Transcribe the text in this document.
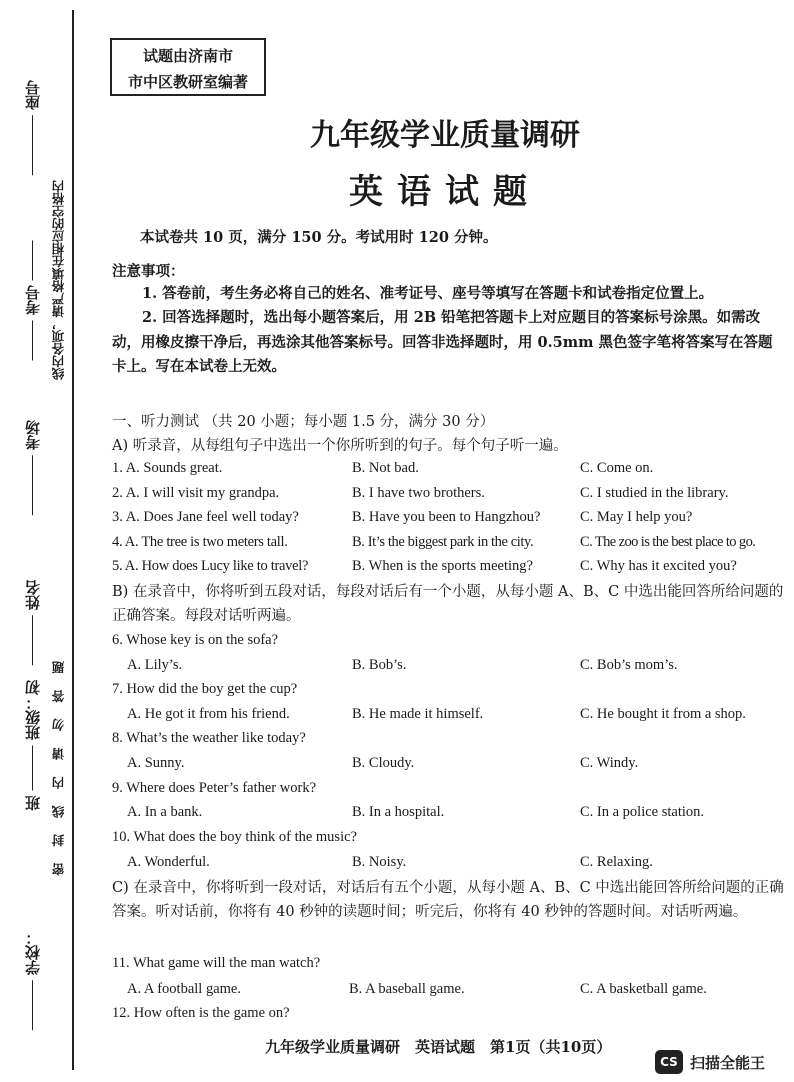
座号
考号
考场
姓名
班  班级：初
学校：
线内各项，请严格填在相应的空格内
密 封 线 内 请 勿 答 题
试题由济南市
市中区教研室编著
九年级学业质量调研
英语试题
本试卷共 10 页，满分 150 分。考试用时 120 分钟。
注意事项：
1. 答卷前，考生务必将自己的姓名、准考证号、座号等填写在答题卡和试卷指定位置上。
2. 回答选择题时，选出每小题答案后，用 2B 铅笔把答题卡上对应题目的答案标号涂黑。如需改动，用橡皮擦干净后，再选涂其他答案标号。回答非选择题时，用 0.5mm 黑色签字笔将答案写在答题卡上。写在本试卷上无效。
一、听力测试 （共 20 小题；每小题 1.5 分，满分 30 分）
A) 听录音，从每组句子中选出一个你所听到的句子。每个句子听一遍。
1. A. Sounds great.	B. Not bad.	C. Come on.
2. A. I will visit my grandpa.	B. I have two brothers.	C. I studied in the library.
3. A. Does Jane feel well today?	B. Have you been to Hangzhou?	C. May I help you?
4. A. The tree is two meters tall.	B. It’s the biggest park in the city.	C. The zoo is the best place to go.
5. A. How does Lucy like to travel?	B. When is the sports meeting?	C. Why has it excited you?
B) 在录音中，你将听到五段对话，每段对话后有一个小题，从每小题 A、B、C 中选出能回答所给问题的正确答案。每段对话听两遍。
6. Whose key is on the sofa?
A. Lily’s.	B. Bob’s.	C. Bob’s mom’s.
7. How did the boy get the cup?
A. He got it from his friend.	B. He made it himself.	C. He bought it from a shop.
8. What’s the weather like today?
A. Sunny.	B. Cloudy.	C. Windy.
9. Where does Peter’s father work?
A. In a bank.	B. In a hospital.	C. In a police station.
10. What does the boy think of the music?
A. Wonderful.	B. Noisy.	C. Relaxing.
C) 在录音中，你将听到一段对话，对话后有五个小题，从每小题 A、B、C 中选出能回答所给问题的正确答案。听对话前，你将有 40 秒钟的读题时间；听完后，你将有 40 秒钟的答题时间。对话听两遍。
11. What game will the man watch?
A. A football game.	B. A baseball game.	C. A basketball game.
12. How often is the game on?
九年级学业质量调研　英语试题　第1页（共10页）
CS 扫描全能王
